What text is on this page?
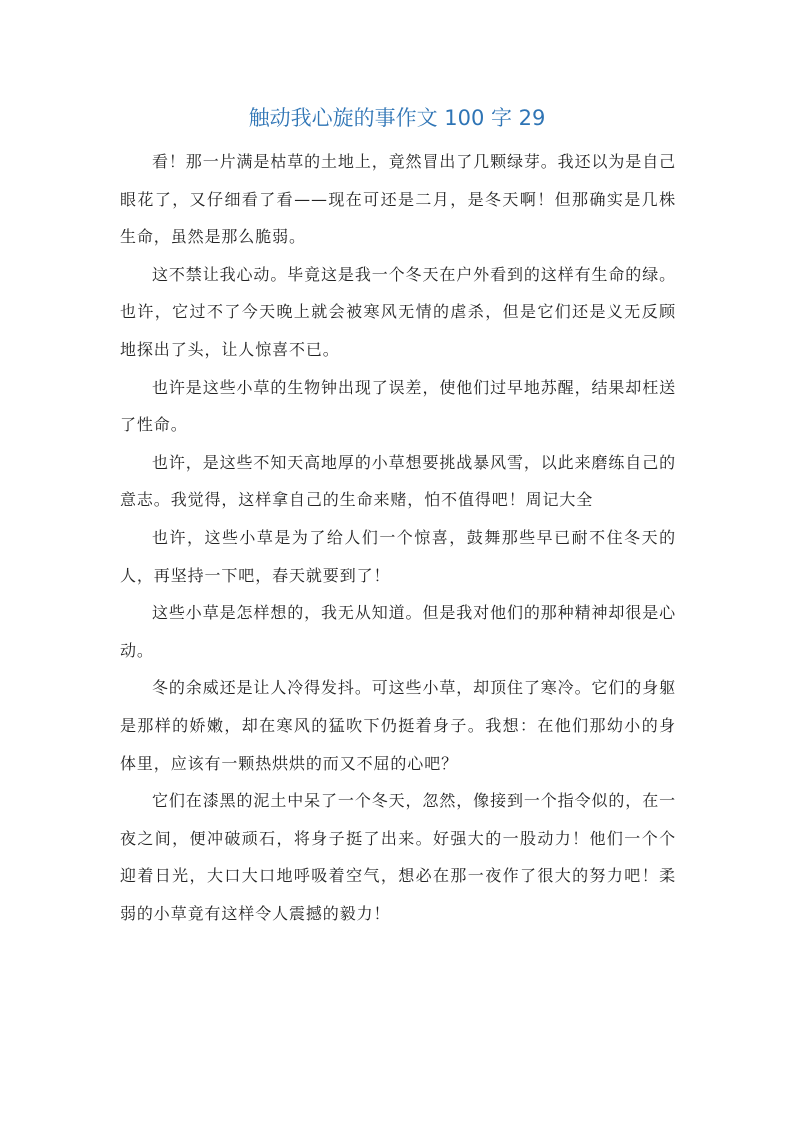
触动我心旋的事作文 100 字 29

看！那一片满是枯草的土地上，竟然冒出了几颗绿芽。我还以为是自己眼花了，又仔细看了看——现在可还是二月，是冬天啊！但那确实是几株生命，虽然是那么脆弱。

这不禁让我心动。毕竟这是我一个冬天在户外看到的这样有生命的绿。也许，它过不了今天晚上就会被寒风无情的虐杀，但是它们还是义无反顾地探出了头，让人惊喜不已。

也许是这些小草的生物钟出现了误差，使他们过早地苏醒，结果却枉送了性命。

也许，是这些不知天高地厚的小草想要挑战暴风雪，以此来磨练自己的意志。我觉得，这样拿自己的生命来赌，怕不值得吧！周记大全

也许，这些小草是为了给人们一个惊喜，鼓舞那些早已耐不住冬天的人，再坚持一下吧，春天就要到了！

这些小草是怎样想的，我无从知道。但是我对他们的那种精神却很是心动。

冬的余威还是让人冷得发抖。可这些小草，却顶住了寒冷。它们的身躯是那样的娇嫩，却在寒风的猛吹下仍挺着身子。我想：在他们那幼小的身体里，应该有一颗热烘烘的而又不屈的心吧？

它们在漆黑的泥土中呆了一个冬天，忽然，像接到一个指令似的，在一夜之间，便冲破顽石，将身子挺了出来。好强大的一股动力！他们一个个迎着日光，大口大口地呼吸着空气，想必在那一夜作了很大的努力吧！柔弱的小草竟有这样令人震撼的毅力！
